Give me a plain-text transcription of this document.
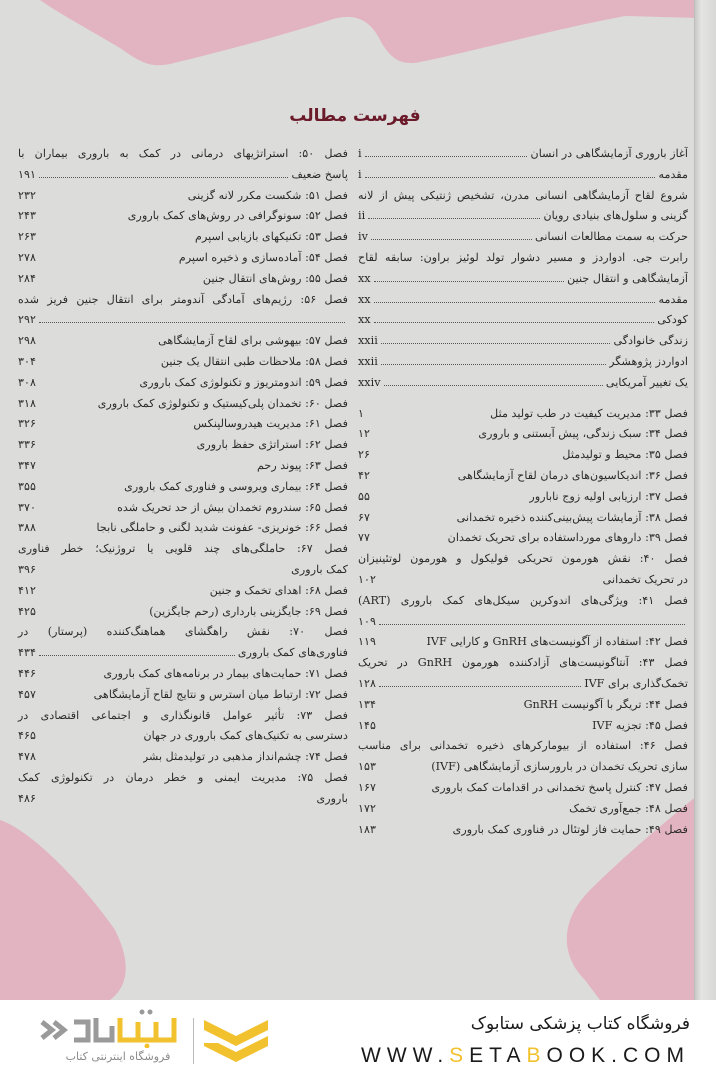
فهرست مطالب
آغاز باروری آزمایشگاهی در انسان
i
مقدمه
i
شروع لقاح آزمایشگاهی انسانی مدرن، تشخیص ژنتیکی پیش از لانه
گزینی و سلول‌های بنیادی رویان
ii
حرکت به سمت مطالعات انسانی
iv
رابرت جی. ادواردز و مسیر دشوار تولد لوئیز براون: سابقه لقاح
آزمایشگاهی و انتقال جنین
xx
مقدمه
xx
کودکی
xx
زندگی خانوادگی
xxii
ادواردز پژوهشگر
xxii
یک تغییر آمریکایی
xxiv
فصل ۳۳: مدیریت کیفیت در طب تولید مثل
۱
فصل ۳۴: سبک زندگی، پیش آبستنی و باروری
۱۲
فصل ۳۵: محیط و تولیدمثل
۲۶
فصل ۳۶: اندیکاسیون‌های درمان لقاح آزمایشگاهی
۴۲
فصل ۳۷: ارزیابی اولیه زوج نابارور
۵۵
فصل ۳۸: آزمایشات پیش‌بینی‌کننده ذخیره تخمدانی
۶۷
فصل ۳۹: داروهای مورداستفاده برای تحریک تخمدان
۷۷
فصل ۴۰: نقش هورمون تحریکی فولیکول و هورمون لوتئینیزان
در تحریک تخمدانی
۱۰۲
فصل ۴۱: ویژگی‌های اندوکرین سیکل‌های کمک باروری (ART)
۱۰۹
فصل ۴۲: استفاده از آگونیست‌های GnRH و کارایی IVF
۱۱۹
فصل ۴۳: آنتاگونیست‌های آزادکننده هورمون GnRH در تحریک
تخمک‌گذاری برای IVF
۱۲۸
فصل ۴۴: تریگر با آگونیست GnRH
۱۳۴
فصل ۴۵: تجزیه IVF
۱۴۵
فصل ۴۶: استفاده از بیومارکرهای ذخیره تخمدانی برای مناسب
سازی تحریک تخمدان در بارورسازی آزمایشگاهی (IVF)
۱۵۳
فصل ۴۷: کنترل پاسخ تخمدانی در اقدامات کمک باروری
۱۶۷
فصل ۴۸: جمع‌آوری تخمک
۱۷۲
فصل ۴۹: حمایت فاز لوتئال در فناوری کمک باروری
۱۸۳
فصل ۵۰: استراتژیهای درمانی در کمک به باروری بیماران با
پاسخ ضعیف
۱۹۱
فصل ۵۱: شکست مکرر لانه گزینی
۲۳۲
فصل ۵۲: سونوگرافی در روش‌های کمک باروری
۲۴۳
فصل ۵۳: تکنیکهای بازیابی اسپرم
۲۶۳
فصل ۵۴: آماده‌سازی و ذخیره اسپرم
۲۷۸
فصل ۵۵: روش‌های انتقال جنین
۲۸۴
فصل ۵۶: رژیم‌های آمادگی آندومتر برای انتقال جنین فریز شده
۲۹۲
فصل ۵۷: بیهوشی برای لقاح آزمایشگاهی
۲۹۸
فصل ۵۸: ملاحظات طبی انتقال یک جنین
۳۰۴
فصل ۵۹: اندومتریوز و تکنولوژی کمک باروری
۳۰۸
فصل ۶۰: تخمدان پلی‌کیستیک و تکنولوژی کمک باروری
۳۱۸
فصل ۶۱: مدیریت هیدروسالپنکس
۳۲۶
فصل ۶۲: استراتژی حفظ باروری
۳۳۶
فصل ۶۳: پیوند رحم
۳۴۷
فصل ۶۴: بیماری ویروسی و فناوری کمک باروری
۳۵۵
فصل ۶۵: سندروم تخمدان بیش از حد تحریک شده
۳۷۰
فصل ۶۶: خونریزی- عفونت شدید لگنی و حاملگی نابجا
۳۸۸
فصل ۶۷: حاملگی‌های چند قلویی یا تروژنیک؛ خطر فناوری
کمک باروری
۳۹۶
فصل ۶۸: اهدای تخمک و جنین
۴۱۲
فصل ۶۹: جایگزینی بارداری (رحم جایگزین)
۴۲۵
فصل ۷۰: نقش راهگشای هماهنگ‌کننده (پرستار) در
فناوری‌های کمک باروری
۴۳۴
فصل ۷۱: حمایت‌های بیمار در برنامه‌های کمک باروری
۴۴۶
فصل ۷۲: ارتباط میان استرس و نتایج لقاح آزمایشگاهی
۴۵۷
فصل ۷۳: تأثیر عوامل قانونگذاری و اجتماعی اقتصادی در
دسترسی به تکنیک‌های کمک باروری در جهان
۴۶۵
فصل ۷۴: چشم‌انداز مذهبی در تولیدمثل بشر
۴۷۸
فصل ۷۵: مدیریت ایمنی و خطر درمان در تکنولوژی کمک
باروری
۴۸۶
فروشگاه اینترنتی کتاب
فروشگاه کتاب پزشکی ستابوک
WWW.SETABOOK.COM
